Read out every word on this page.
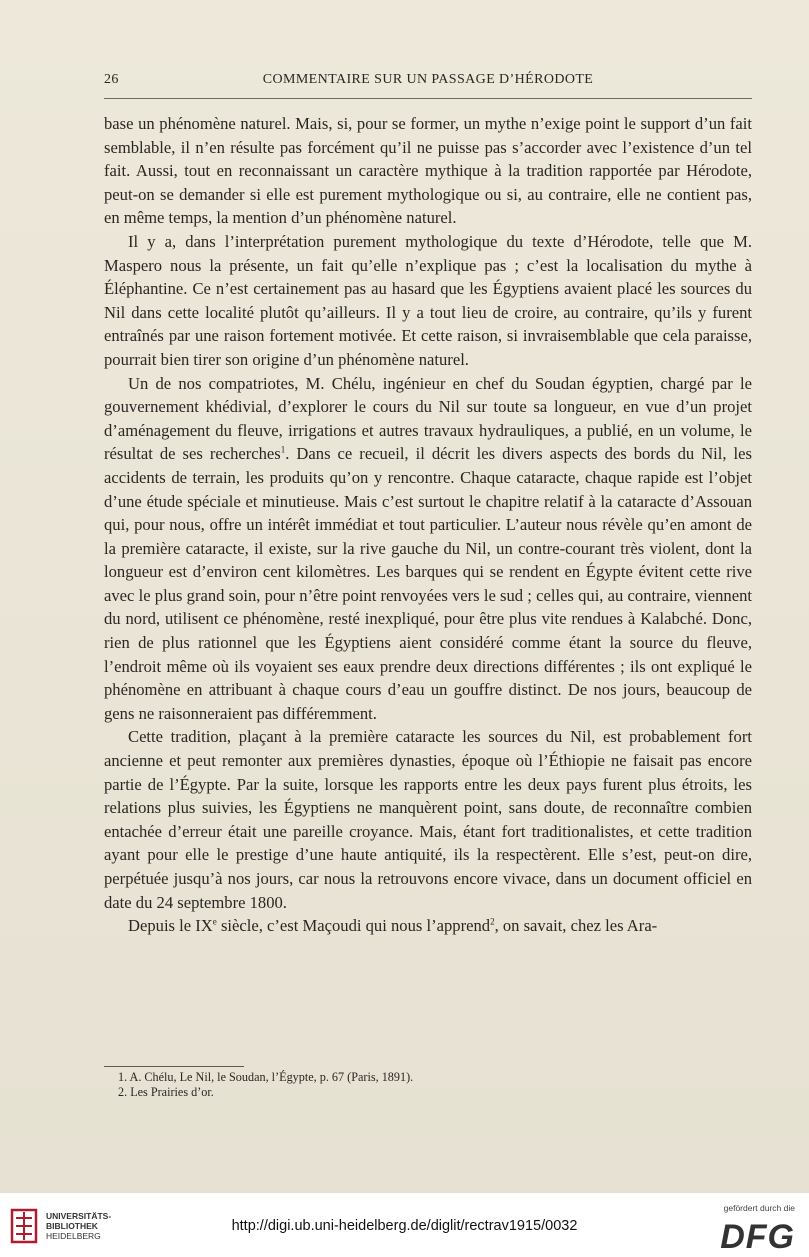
26	COMMENTAIRE SUR UN PASSAGE D’HÉRODOTE

base un phénomène naturel. Mais, si, pour se former, un mythe n’exige point le support d’un fait semblable, il n’en résulte pas forcément qu’il ne puisse pas s’accorder avec l’existence d’un tel fait. Aussi, tout en reconnaissant un caractère mythique à la tradition rapportée par Hérodote, peut-on se demander si elle est purement mythologique ou si, au contraire, elle ne contient pas, en même temps, la mention d’un phénomène naturel.

Il y a, dans l’interprétation purement mythologique du texte d’Hérodote, telle que M. Maspero nous la présente, un fait qu’elle n’explique pas ; c’est la localisation du mythe à Éléphantine. Ce n’est certainement pas au hasard que les Égyptiens avaient placé les sources du Nil dans cette localité plutôt qu’ailleurs. Il y a tout lieu de croire, au contraire, qu’ils y furent entraînés par une raison fortement motivée. Et cette raison, si invraisemblable que cela paraisse, pourrait bien tirer son origine d’un phénomène naturel.

Un de nos compatriotes, M. Chélu, ingénieur en chef du Soudan égyptien, chargé par le gouvernement khédivial, d’explorer le cours du Nil sur toute sa longueur, en vue d’un projet d’aménagement du fleuve, irrigations et autres travaux hydrauliques, a publié, en un volume, le résultat de ses recherches$^1$. Dans ce recueil, il décrit les divers aspects des bords du Nil, les accidents de terrain, les produits qu’on y rencontre. Chaque cataracte, chaque rapide est l’objet d’une étude spéciale et minutieuse. Mais c’est surtout le chapitre relatif à la cataracte d’Assouan qui, pour nous, offre un intérêt immédiat et tout particulier. L’auteur nous révèle qu’en amont de la première cataracte, il existe, sur la rive gauche du Nil, un contre-courant très violent, dont la longueur est d’environ cent kilomètres. Les barques qui se rendent en Égypte évitent cette rive avec le plus grand soin, pour n’être point renvoyées vers le sud ; celles qui, au contraire, viennent du nord, utilisent ce phénomène, resté inexpliqué, pour être plus vite rendues à Kalabché. Donc, rien de plus rationnel que les Égyptiens aient considéré comme étant la source du fleuve, l’endroit même où ils voyaient ses eaux prendre deux directions différentes ; ils ont expliqué le phénomène en attribuant à chaque cours d’eau un gouffre distinct. De nos jours, beaucoup de gens ne raisonneraient pas différemment.

Cette tradition, plaçant à la première cataracte les sources du Nil, est probablement fort ancienne et peut remonter aux premières dynasties, époque où l’Éthiopie ne faisait pas encore partie de l’Égypte. Par la suite, lorsque les rapports entre les deux pays furent plus étroits, les relations plus suivies, les Égyptiens ne manquèrent point, sans doute, de reconnaître combien entachée d’erreur était une pareille croyance. Mais, étant fort traditionalistes, et cette tradition ayant pour elle le prestige d’une haute antiquité, ils la respectèrent. Elle s’est, peut-on dire, perpétuée jusqu’à nos jours, car nous la retrouvons encore vivace, dans un document officiel en date du 24 septembre 1800.

Depuis le IXe siècle, c’est Maçoudi qui nous l’apprend$^2$, on savait, chez les Ara-

1. A. Chélu, Le Nil, le Soudan, l’Égypte, p. 67 (Paris, 1891).
2. Les Prairies d’or.
UNIVERSITÄTS-
BIBLIOTHEK
HEIDELBERG
http://digi.ub.uni-heidelberg.de/diglit/rectrav1915/0032
gefördert durch die
DFG
